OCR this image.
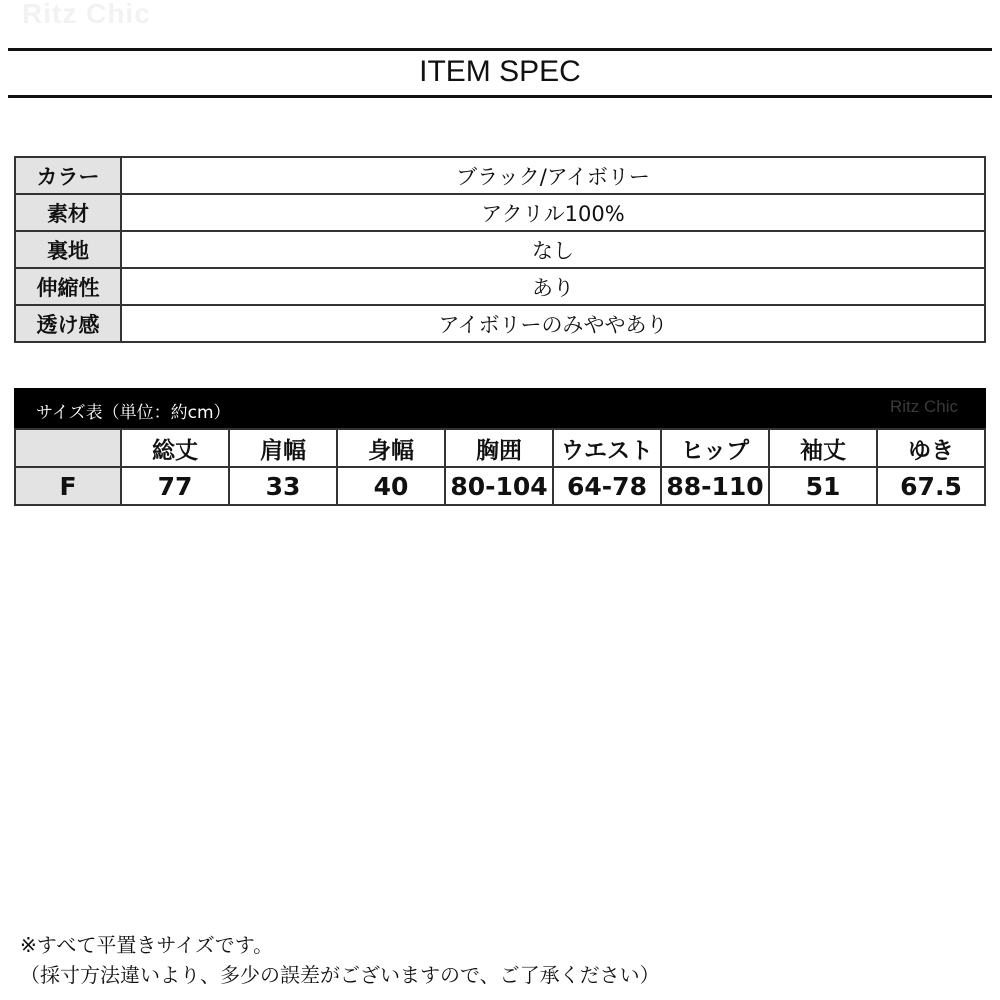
Ritz Chic
ITEM SPEC
カラー	ブラック/アイボリー
素材	アクリル100%
裏地	なし
伸縮性	あり
透け感	アイボリーのみややあり
サイズ表（単位：約cm）	Ritz Chic
	総丈	肩幅	身幅	胸囲	ウエスト	ヒップ	袖丈	ゆき
F	77	33	40	80-104	64-78	88-110	51	67.5
※すべて平置きサイズです。
（採寸方法違いより、多少の誤差がございますので、ご了承ください）
